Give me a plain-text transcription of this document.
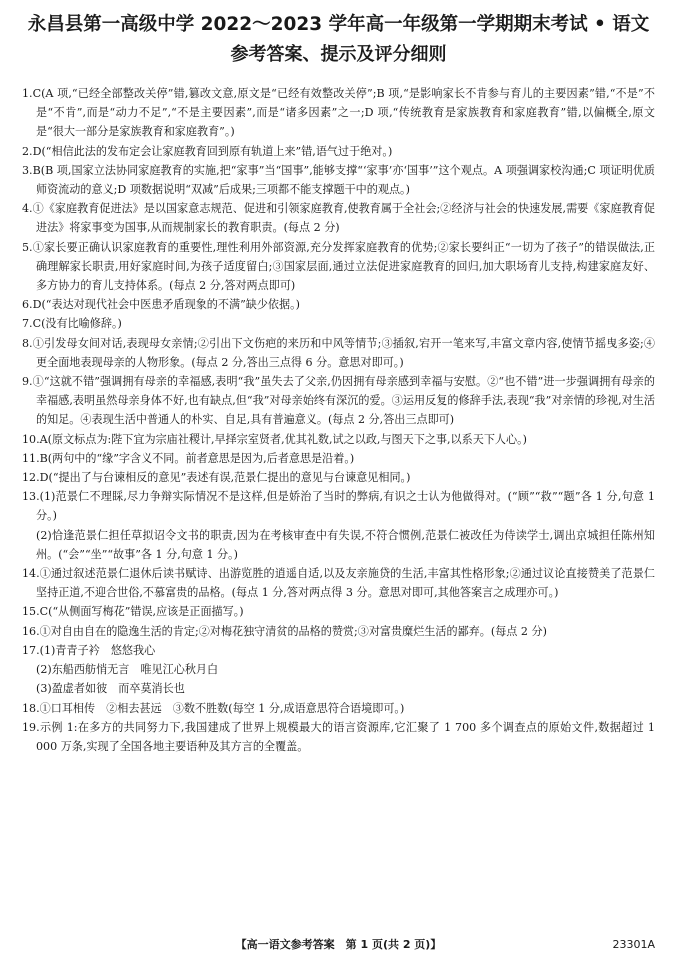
永昌县第一高级中学 2022～2023 学年高一年级第一学期期末考试 • 语文
参考答案、提示及评分细则

1.C(A 项,“已经全部整改关停”错,篡改文意,原文是“已经有效整改关停”;B 项,“是影响家长不肯参与育儿的主要因素”错,“不是”不是“不肯”,而是“动力不足”,“不是主要因素”,而是“诸多因素”之一;D 项,“传统教育是家族教育和家庭教育”错,以偏概全,原文是“很大一部分是家族教育和家庭教育”。)

2.D(“相信此法的发布定会让家庭教育回到原有轨道上来”错,语气过于绝对。)

3.B(B 项,国家立法协同家庭教育的实施,把“家事”当“国事”,能够支撑“‘家事’亦‘国事’”这个观点。A 项强调家校沟通;C 项证明优质师资流动的意义;D 项数据说明“双减”后成果;三项都不能支撑题干中的观点。)

4.①《家庭教育促进法》是以国家意志规范、促进和引领家庭教育,使教育属于全社会;②经济与社会的快速发展,需要《家庭教育促进法》将家事变为国事,从而规制家长的教育职责。(每点 2 分)

5.①家长要正确认识家庭教育的重要性,理性利用外部资源,充分发挥家庭教育的优势;②家长要纠正“一切为了孩子”的错误做法,正确理解家长职责,用好家庭时间,为孩子适度留白;③国家层面,通过立法促进家庭教育的回归,加大职场育儿支持,构建家庭友好、多方协力的育儿支持体系。(每点 2 分,答对两点即可)

6.D(“表达对现代社会中医患矛盾现象的不满”缺少依据。)

7.C(没有比喻修辞。)

8.①引发母女间对话,表现母女亲情;②引出下文伤疤的来历和中风等情节;③插叙,宕开一笔来写,丰富文章内容,使情节摇曳多姿;④更全面地表现母亲的人物形象。(每点 2 分,答出三点得 6 分。意思对即可。)

9.①“这就不错”强调拥有母亲的幸福感,表明“我”虽失去了父亲,仍因拥有母亲感到幸福与安慰。②“也不错”进一步强调拥有母亲的幸福感,表明虽然母亲身体不好,也有缺点,但“我”对母亲始终有深沉的爱。③运用反复的修辞手法,表现“我”对亲情的珍视,对生活的知足。④表现生活中普通人的朴实、自足,具有普遍意义。(每点 2 分,答出三点即可)

10.A(原文标点为:陛下宜为宗庙社稷计,早择宗室贤者,优其礼数,试之以政,与图天下之事,以系天下人心。)

11.B(两句中的“缘”字含义不同。前者意思是因为,后者意思是沿着。)

12.D(“提出了与台谏相反的意见”表述有误,范景仁提出的意见与台谏意见相同。)

13.(1)范景仁不理睬,尽力争辩实际情况不是这样,但是娇治了当时的弊病,有识之士认为他做得对。(“顾”“救”“题”各 1 分,句意 1 分。)

(2)恰逢范景仁担任草拟诏令文书的职责,因为在考核审查中有失误,不符合惯例,范景仁被改任为侍读学士,调出京城担任陈州知州。(“会”“坐”“故事”各 1 分,句意 1 分。)

14.①通过叙述范景仁退休后读书赋诗、出游览胜的逍遥自适,以及友亲施贷的生活,丰富其性格形象;②通过议论直接赞美了范景仁坚持正道,不迎合世俗,不慕富贵的品格。(每点 1 分,答对两点得 3 分。意思对即可,其他答案言之成理亦可。)

15.C(“从侧面写梅花”错误,应该是正面描写。)

16.①对自由自在的隐逸生活的肯定;②对梅花独守清贫的品格的赞赏;③对富贵糜烂生活的鄙弃。(每点 2 分)

17.(1)青青子衿　悠悠我心

(2)东船西舫悄无言　唯见江心秋月白

(3)盈虚者如彼　而卒莫消长也

18.①口耳相传　②相去甚远　③数不胜数(每空 1 分,成语意思符合语境即可。)

19.示例 1:在多方的共同努力下,我国建成了世界上规模最大的语言资源库,它汇聚了 1 700 多个调查点的原始文件,数据超过 1 000 万条,实现了全国各地主要语种及其方言的全覆盖。

【高一语文参考答案　第 1 页(共 2 页)】	23301A
